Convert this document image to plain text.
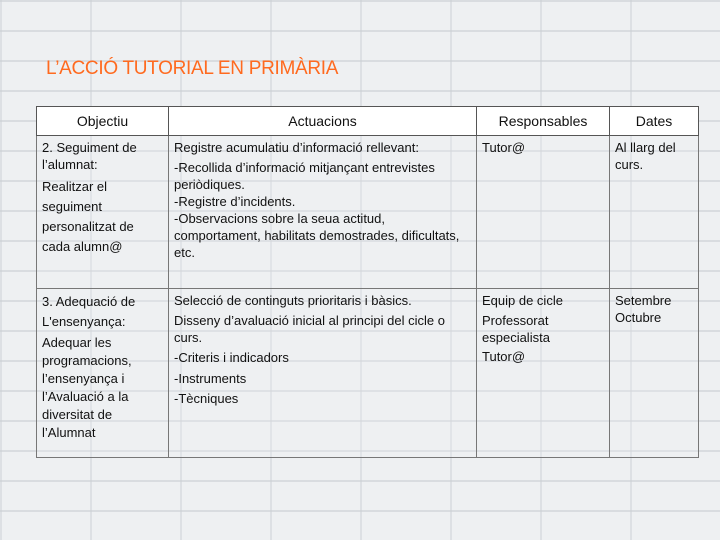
L’ACCIÓ TUTORIAL EN PRIMÀRIA
Objectiu	Actuacions	Responsables	Dates

2. Seguiment de l’alumnat:
Realitzar el seguiment personalitzat de cada alumn@	Registre acumulatiu d’informació rellevant:
-Recollida d’informació mitjançant entrevistes periòdiques.
-Registre d’incidents.
-Observacions sobre la seua actitud, comportament, habilitats demostrades, dificultats, etc.	Tutor@	Al llarg del curs.

3. Adequació de L'ensenyança:
Adequar les programacions, l’ensenyança i l’Avaluació a la diversitat de l’Alumnat	Selecció de continguts prioritaris i bàsics.
Disseny d’avaluació inicial al principi del cicle o curs.
-Criteris i indicadors
-Instruments
-Tècniques	Equip de cicle
Professorat especialista
Tutor@	Setembre Octubre
